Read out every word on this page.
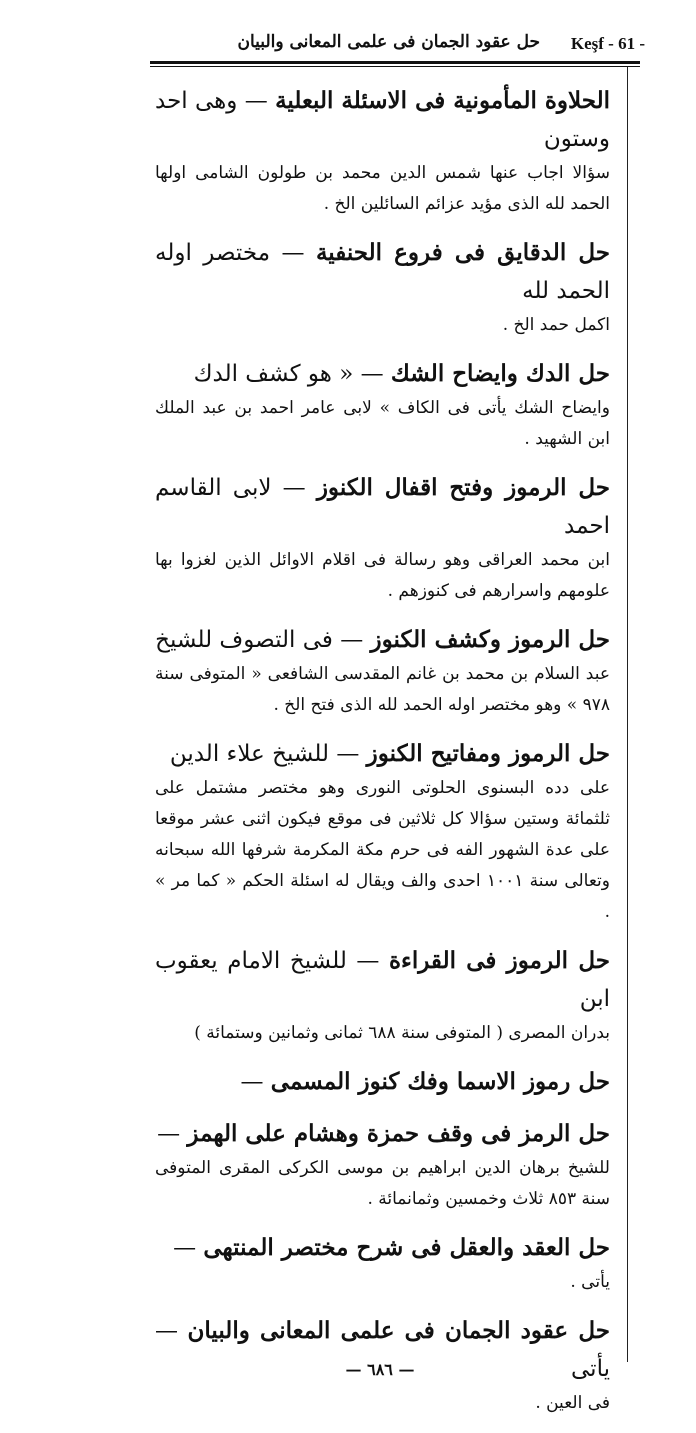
حل عقود الجمان فى علمى المعانى والبيان	Keşf - 61 -

الحلاوة المأمونية فى الاسئلة البعلية — وهى احد وستون

سؤالا اجاب عنها شمس الدين محمد بن طولون الشامى اولها الحمد لله الذى مؤيد عزائم السائلين الخ .

حل الدقايق فى فروع الحنفية — مختصر اوله الحمد لله

اكمل حمد الخ .

حل الدك وايضاح الشك — « هو كشف الدك

وايضاح الشك يأتى فى الكاف » لابى عامر احمد بن عبد الملك ابن الشهيد .

حل الرموز وفتح اقفال الكنوز — لابى القاسم احمد

ابن محمد العراقى وهو رسالة فى اقلام الاوائل الذين لغزوا بها علومهم واسرارهم فى كنوزهم .

حل الرموز وكشف الكنوز — فى التصوف للشيخ

عبد السلام بن محمد بن غانم المقدسى الشافعى « المتوفى سنة ٩٧٨ » وهو مختصر اوله الحمد لله الذى فتح الخ .

حل الرموز ومفاتيح الكنوز — للشيخ علاء الدين

على دده البسنوى الحلوتى النورى وهو مختصر مشتمل على ثلثمائة وستين سؤالا كل ثلاثين فى موقع فيكون اثنى عشر موقعا على عدة الشهور الفه فى حرم مكة المكرمة شرفها الله سبحانه وتعالى سنة ١٠٠١ احدى والف ويقال له اسئلة الحكم « كما مر » .

حل الرموز فى القراءة — للشيخ الامام يعقوب ابن

بدران المصرى ( المتوفى سنة ٦٨٨ ثمانى وثمانين وستمائة )

حل رموز الاسما وفك كنوز المسمى —

حل الرمز فى وقف حمزة وهشام على الهمز —

للشيخ برهان الدين ابراهيم بن موسى الكركى المقرى المتوفى سنة ٨٥٣ ثلاث وخمسين وثمانمائة .

حل العقد والعقل فى شرح مختصر المنتهى —

يأتى .

حل عقود الجمان فى علمى المعانى والبيان — يأتى

فى العين .

— ٦٨٦ —
